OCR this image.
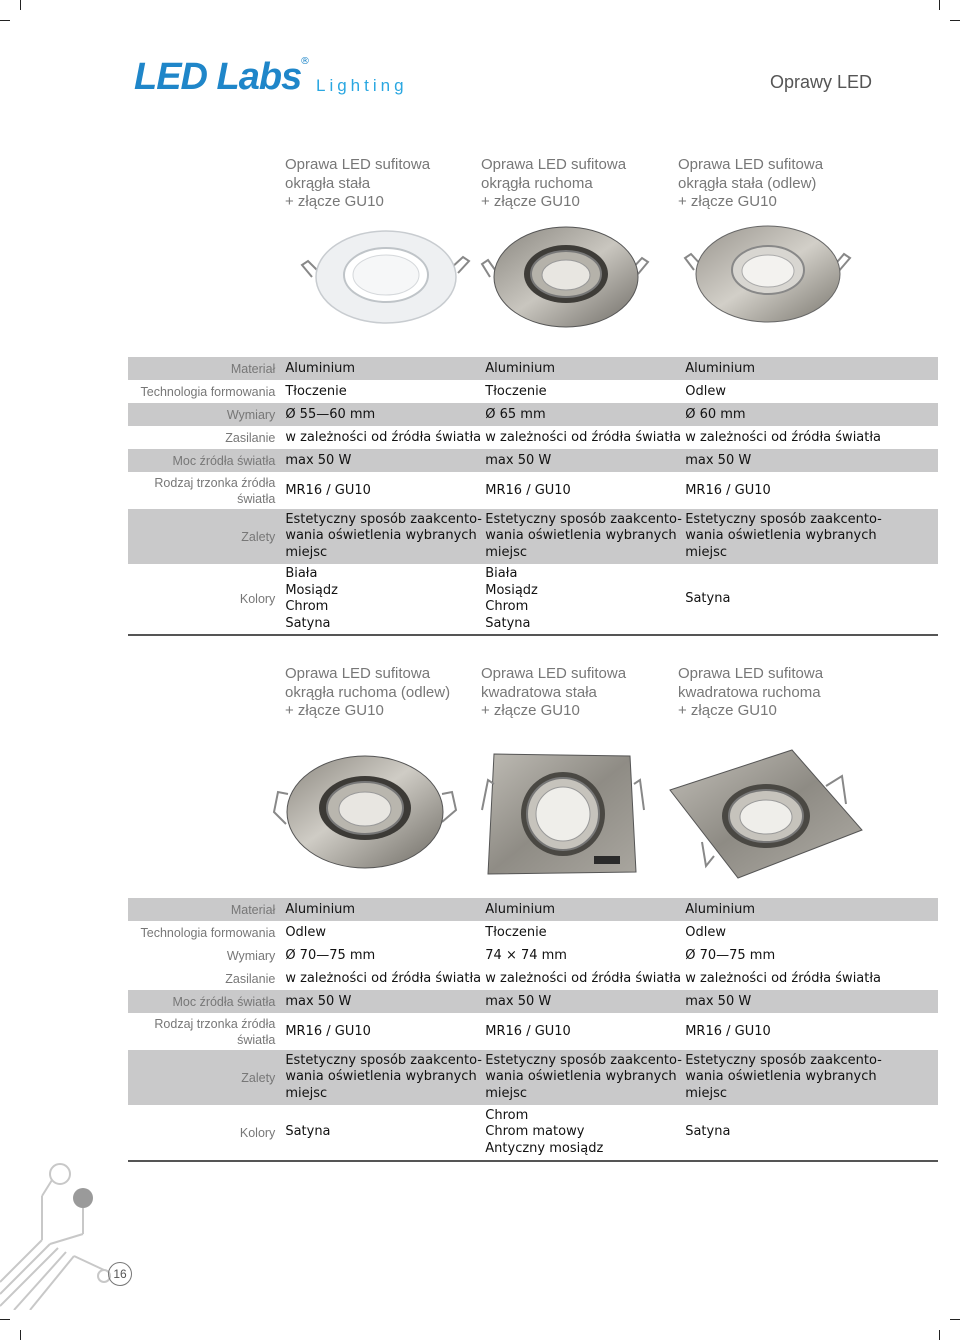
LED Labs
®
Lighting	Oprawy LED
Oprawa LED sufitowa
okrągła stała
+ złącze GU10
Oprawa LED sufitowa
okrągła ruchoma
+ złącze GU10
Oprawa LED sufitowa
okrągła stała (odlew)
+ złącze GU10
Materiał	Aluminium	Aluminium	Aluminium	
Technologia formowania	Tłoczenie	Tłoczenie	Odlew	
Wymiary	Ø 55—60 mm	Ø 65 mm	Ø 60 mm	
Zasilanie	w zależności od źródła światła	w zależności od źródła światła	w zależności od źródła światła	
Moc źródła światła	max 50 W	max 50 W	max 50 W	
Rodzaj trzonka źródła światła	MR16 / GU10	MR16 / GU10	MR16 / GU10	
Zalety	Estetyczny sposób zaakcento-
wania oświetlenia wybranych
miejsc	Estetyczny sposób zaakcento-
wania oświetlenia wybranych
miejsc	Estetyczny sposób zaakcento-
wania oświetlenia wybranych
miejsc	
Kolory	Biała
Mosiądz
Chrom
Satyna	Biała
Mosiądz
Chrom
Satyna	Satyna	
Oprawa LED sufitowa
okrągła ruchoma (odlew)
+ złącze GU10
Oprawa LED sufitowa
kwadratowa stała
+ złącze GU10
Oprawa LED sufitowa
kwadratowa ruchoma
+ złącze GU10
Materiał	Aluminium	Aluminium	Aluminium	
Technologia formowania	Odlew	Tłoczenie	Odlew	
Wymiary	Ø 70—75 mm	74 × 74 mm	Ø 70—75 mm	
Zasilanie	w zależności od źródła światła	w zależności od źródła światła	w zależności od źródła światła	
Moc źródła światła	max 50 W	max 50 W	max 50 W	
Rodzaj trzonka źródła światła	MR16 / GU10	MR16 / GU10	MR16 / GU10	
Zalety	Estetyczny sposób zaakcento-
wania oświetlenia wybranych
miejsc	Estetyczny sposób zaakcento-
wania oświetlenia wybranych
miejsc	Estetyczny sposób zaakcento-
wania oświetlenia wybranych
miejsc	
Kolory	Satyna	Chrom
Chrom matowy
Antyczny mosiądz	Satyna	
16
